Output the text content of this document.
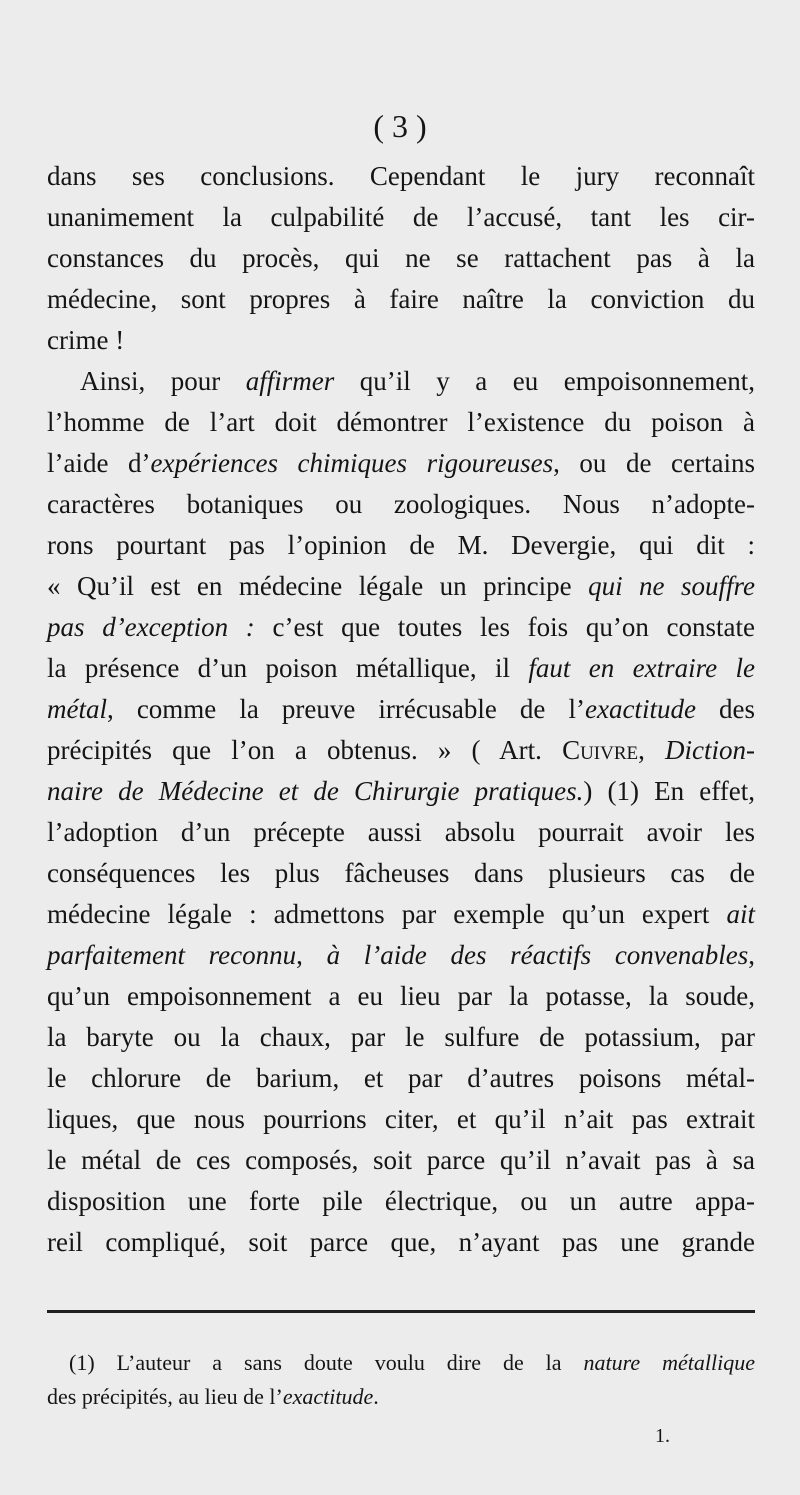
( 3 )
dans ses conclusions. Cependant le jury reconnaît
unanimement la culpabilité de l’accusé, tant les cir-
constances du procès, qui ne se rattachent pas à la
médecine, sont propres à faire naître la conviction du
crime !
Ainsi, pour affirmer qu’il y a eu empoisonnement,
l’homme de l’art doit démontrer l’existence du poison à
l’aide d’expériences chimiques rigoureuses, ou de certains
caractères botaniques ou zoologiques. Nous n’adopte-
rons pourtant pas l’opinion de M. Devergie, qui dit :
« Qu’il est en médecine légale un principe qui ne souffre
pas d’exception : c’est que toutes les fois qu’on constate
la présence d’un poison métallique, il faut en extraire le
métal, comme la preuve irrécusable de l’exactitude des
précipités que l’on a obtenus. » ( Art. Cuivre, Diction-
naire de Médecine et de Chirurgie pratiques.) (1) En effet,
l’adoption d’un précepte aussi absolu pourrait avoir les
conséquences les plus fâcheuses dans plusieurs cas de
médecine légale : admettons par exemple qu’un expert ait
parfaitement reconnu, à l’aide des réactifs convenables,
qu’un empoisonnement a eu lieu par la potasse, la soude,
la baryte ou la chaux, par le sulfure de potassium, par
le chlorure de barium, et par d’autres poisons métal-
liques, que nous pourrions citer, et qu’il n’ait pas extrait
le métal de ces composés, soit parce qu’il n’avait pas à sa
disposition une forte pile électrique, ou un autre appa-
reil compliqué, soit parce que, n’ayant pas une grande
(1) L’auteur a sans doute voulu dire de la nature métallique
des précipités, au lieu de l’exactitude.
1.
